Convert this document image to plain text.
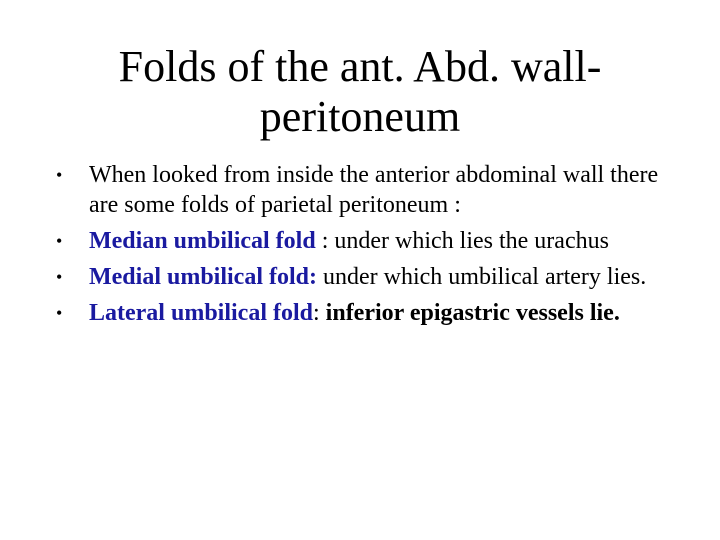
Folds of the ant. Abd. wall-
peritoneum
• When looked from inside the anterior abdominal wall there are some folds of parietal peritoneum :
• Median umbilical fold : under which lies the urachus
• Medial umbilical fold: under which umbilical artery lies.
• Lateral umbilical fold: inferior epigastric vessels lie.
